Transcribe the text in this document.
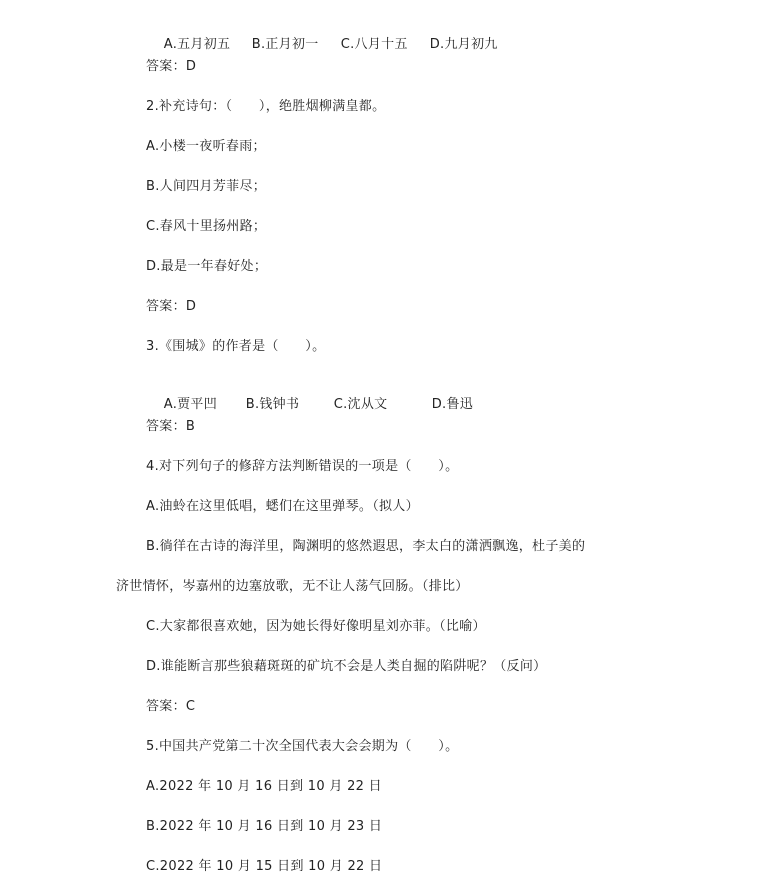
A.五月初五 B.正月初一 C.八月十五 D.九月初九

答案：D
2.补充诗句：（　　），绝胜烟柳满皇都。
A.小楼一夜听春雨；
B.人间四月芳菲尽；
C.春风十里扬州路；
D.最是一年春好处；
答案：D
3.《围城》的作者是（　　）。

A.贾平凹 B.钱钟书	C.沈从文	D.鲁迅

答案：B
4.对下列句子的修辞方法判断错误的一项是（　　）。
A.油蛉在这里低唱，蟋们在这里弹琴。（拟人）
B.徜徉在古诗的海洋里，陶渊明的悠然遐思，李太白的潇洒飘逸，杜子美的
济世情怀，岑嘉州的边塞放歌，无不让人荡气回肠。（排比）
C.大家都很喜欢她，因为她长得好像明星刘亦菲。（比喻）
D.谁能断言那些狼藉斑斑的矿坑不会是人类自掘的陷阱呢？（反问）
答案：C
5.中国共产党第二十次全国代表大会会期为（　　）。
A.2022 年 10 月 16 日到 10 月 22 日
B.2022 年 10 月 16 日到 10 月 23 日
C.2022 年 10 月 15 日到 10 月 22 日
